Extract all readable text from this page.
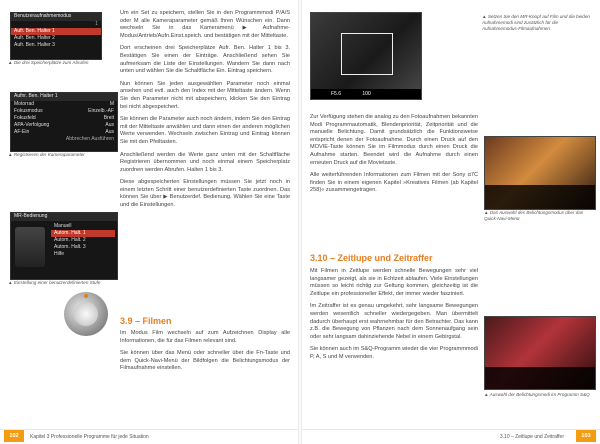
Benutzeraufnahmemodus
1
Aufr. Ben. Halter 1
Aufr. Ben. Halter 2
Aufr. Ben. Halter 3
▲ Die drei Speicherplätze zum Abrufen
Aufnr. Ben. Halter 1
Motorrad	M
Fokusmodus	Einzelb.-AF
Fokusfeld	Breit
APA-Verfolgung	Aus
AF-Ein	Aus
Abbrechen Ausführen
▲ Registrieren der Kameraparameter
MR-Bedienung
Manuell
Autom. Halt. 1
Autom. Halt. 2
Autom. Halt. 3
Hilfe
▲ Einstellung einer benutzerdefinierten Stufe

Um ein Set zu speichern, stellen Sie in den Programmmodi P/A/S oder M alle Kameraparameter gemäß Ihren Wünschen ein. Dann wechseln Sie in das Kameramenü ▶ Aufnahme-Modus/Antrieb/Aufn.Einst.speich. und bestätigen mit der Mitteltaste.

Dort erscheinen drei Speicherplätze Aufr. Ben. Halter 1 bis 3. Bestätigen Sie einen der Einträge. Anschließend sehen Sie aufmerksam die Liste der Einstellungen. Wandern Sie dann nach unten und wählen Sie die Schaltfläche Ein. Eintrag speichern.

Nun können Sie jeden ausgewählten Parameter noch einmal ansehen und evtl. auch den Index mit der Mitteltaste ändern. Wenn Sie den Parameter nicht mit abspeichern, klicken Sie den Eintrag bei nicht abgespeichert.

Sie können die Parameter auch noch ändern, indem Sie den Eintrag mit der Mitteltaste anwählen und dann einen der anderen möglichen Werte verwenden. Wechseln zwischen Eintrag und Eintrag können Sie mit den Pfeiltasten.

Anschließend werden die Werte ganz unten mit der Schaltfläche Registrieren übernommen und noch einmal einem Speicherplatz zuordnen werden Abrufen. Halten 1 bis 3.

Diese abgespeicherten Einstellungen müssen Sie jetzt noch in einem letzten Schritt einer benutzerdefinierten Taste zuordnen. Das können Sie über ▶ Benutzerdef. Bedienung. Wählen Sie eine Taste und die Einstellungen.

3.9 – Filmen

Im Modus Film wechseln auf zum Aufzeichnen Display alle Informationen, die für das Filmen relevant sind.

Sie können über das Menü oder schneller über die Fn-Taste und dem Quick-Navi-Menü der Bildfolgen die Belichtungsmodus der Filmaufnahme einstellen.

Kapitel 3 Professionelle Programme für jede Situation
102
F5.6	100
▲ Setzen Sie den MR-Knopf auf Film und die beiden Aufnahmemodi sind zusätzlich für die Aufnahmemodus-Filmaufnahmen.

Zur Verfügung stehen die analog zu den Fotoaufnahmen bekannten Modi Programmautomatik, Blendenpriorität, Zeitpriorität und die manuelle Belichtung. Damit grundsätzlich die Funktionsweise entspricht denen der Fotoaufnahme. Durch einen Druck auf den MOVIE-Taste können Sie im Filmmodus durch einen Druck die Aufnahme starten. Beendet wird die Aufnahme durch einen erneuten Druck auf die Movietaste.

Alle weiterführenden Informationen zum Filmen mit der Sony α7C finden Sie in einem eigenen Kapitel »Kreatives Filmen (ab Kapitel 258)« zusammengetragen.

▲ Das Auswahl des Belichtungsmodus über das Quick-Navi-Menü
3.10 – Zeitlupe und Zeitraffer

Mit Filmen in Zeitlupe werden schnelle Bewegungen sehr viel langsamer gezeigt, als sie in Echtzeit ablaufen. Viele Einstellungen müssen so leicht richtig zur Geltung kommen, gleichzeitig ist die Zeitlupe ein professioneller Effekt, der immer wieder fasziniert.

Im Zeitraffer ist es genau umgekehrt, sehr langsame Bewegungen werden wesentlich schneller wiedergegeben. Man übermittelt dadurch überhaupt erst wahrnehmbar für den Betrachter. Das kann z.B. die Bewegung von Pflanzen nach dem Sonnenaufgang sein oder sehr langsam dahinziehende Nebel in einem Gebirgstal.

Sie können auch im S&Q-Programm wieder die vier Programmmodi P, A, S und M verwenden.

▲ Auswahl der Belichtungsmodi im Programm S&Q
3.10 – Zeitlupe und Zeitraffer	103
